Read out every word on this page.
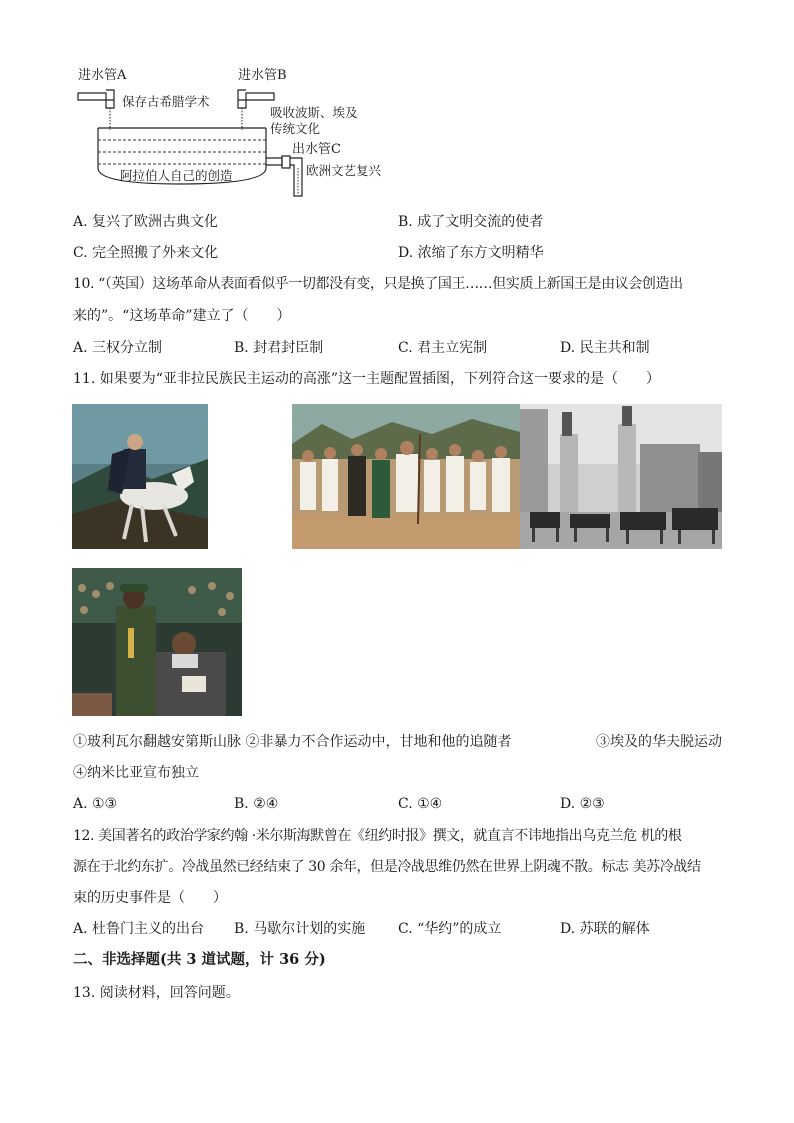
进水管A	进水管B
保存古希腊学术
吸收波斯、埃及
传统文化
出水管C
阿拉伯人自己的创造	欧洲文艺复兴
A. 复兴了欧洲古典文化	B. 成了文明交流的使者
C. 完全照搬了外来文化	D. 浓缩了东方文明精华
10. “（英国）这场革命从表面看似乎一切都没有变，只是换了国王……但实质上新国王是由议会创造出
来的”。“这场革命”建立了（　　）
A. 三权分立制	B. 封君封臣制	C. 君主立宪制	D. 民主共和制
11. 如果要为“亚非拉民族民主运动的高涨”这一主题配置插图，下列符合这一要求的是（　　）
①玻利瓦尔翻越安第斯山脉 ②非暴力不合作运动中，甘地和他的追随者	③埃及的华夫脱运动
④纳米比亚宣布独立
A. ①③	B. ②④	C. ①④	D. ②③
12. 美国著名的政治学家约翰 ·米尔斯海默曾在《纽约时报》撰文，就直言不讳地指出乌克兰危 机的根
源在于北约东扩。冷战虽然已经结束了 30 余年，但是冷战思维仍然在世界上阴魂不散。标志 美苏冷战结
束的历史事件是（　　）
A. 杜鲁门主义的出台 B. 马歇尔计划的实施 C. “华约”的成立	D. 苏联的解体
二、非选择题(共 3 道试题，计 36 分)
13. 阅读材料，回答问题。
